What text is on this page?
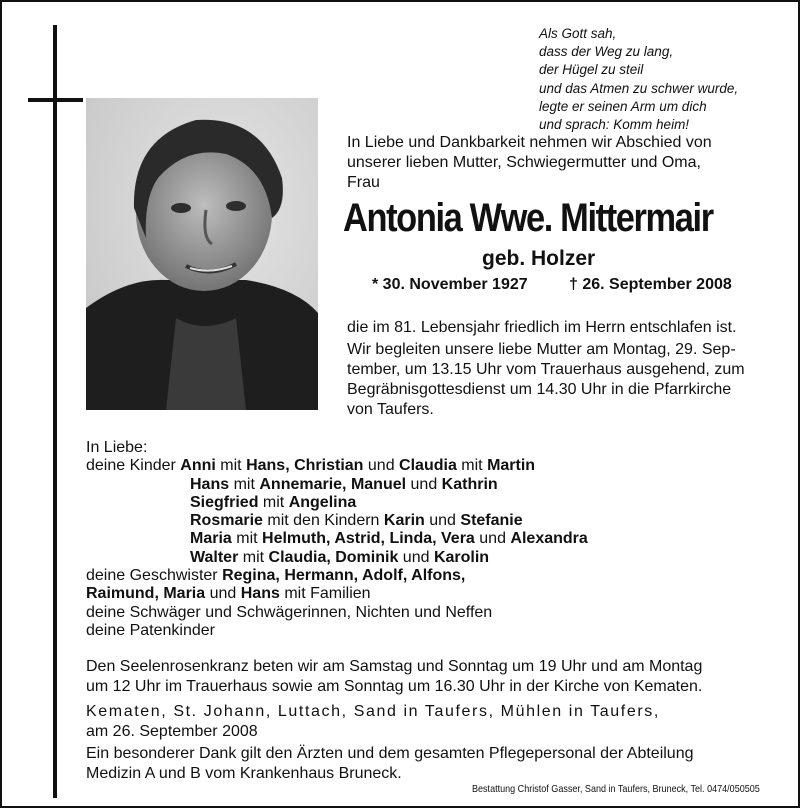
Als Gott sah,
dass der Weg zu lang,
der Hügel zu steil
und das Atmen zu schwer wurde,
legte er seinen Arm um dich
und sprach: Komm heim!
In Liebe und Dankbarkeit nehmen wir Abschied von
unserer lieben Mutter, Schwiegermutter und Oma,
Frau
Antonia Wwe. Mittermair
geb. Holzer
* 30. November 1927	† 26. September 2008
die im 81. Lebensjahr friedlich im Herrn entschlafen ist.
Wir begleiten unsere liebe Mutter am Montag, 29. Sep-
tember, um 13.15 Uhr vom Trauerhaus ausgehend, zum
Begräbnisgottesdienst um 14.30 Uhr in die Pfarrkirche
von Taufers.
In Liebe:
deine Kinder Anni mit Hans, Christian und Claudia mit Martin
Hans mit Annemarie, Manuel und Kathrin
Siegfried mit Angelina
Rosmarie mit den Kindern Karin und Stefanie
Maria mit Helmuth, Astrid, Linda, Vera und Alexandra
Walter mit Claudia, Dominik und Karolin
deine Geschwister Regina, Hermann, Adolf, Alfons,
Raimund, Maria und Hans mit Familien
deine Schwäger und Schwägerinnen, Nichten und Neffen
deine Patenkinder
Den Seelenrosenkranz beten wir am Samstag und Sonntag um 19 Uhr und am Montag
um 12 Uhr im Trauerhaus sowie am Sonntag um 16.30 Uhr in der Kirche von Kematen.
Kematen, St. Johann, Luttach, Sand in Taufers, Mühlen in Taufers,
am 26. September 2008
Ein besonderer Dank gilt den Ärzten und dem gesamten Pflegepersonal der Abteilung
Medizin A und B vom Krankenhaus Bruneck.
Bestattung Christof Gasser, Sand in Taufers, Bruneck, Tel. 0474/050505
